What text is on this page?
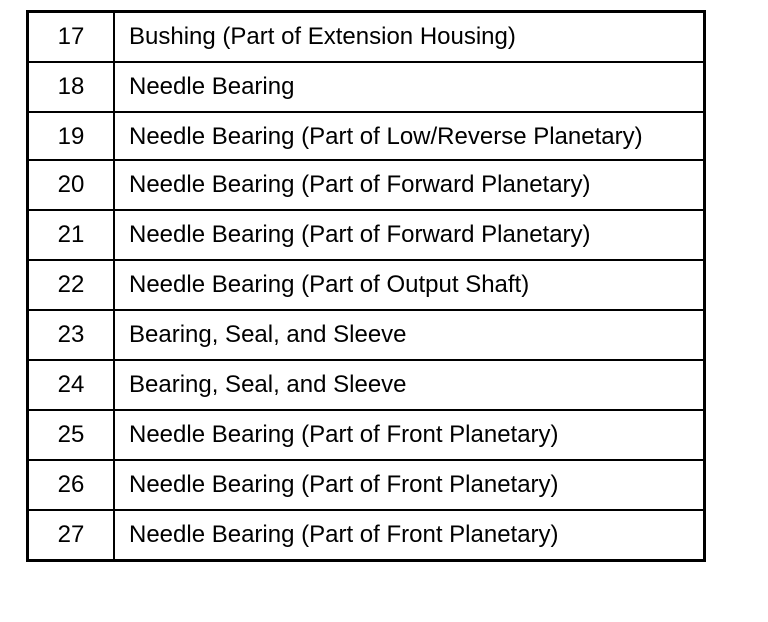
17	Bushing (Part of Extension Housing)
18	Needle Bearing
19	Needle Bearing (Part of Low/Reverse Planetary)
20	Needle Bearing (Part of Forward Planetary)
21	Needle Bearing (Part of Forward Planetary)
22	Needle Bearing (Part of Output Shaft)
23	Bearing, Seal, and Sleeve
24	Bearing, Seal, and Sleeve
25	Needle Bearing (Part of Front Planetary)
26	Needle Bearing (Part of Front Planetary)
27	Needle Bearing (Part of Front Planetary)
